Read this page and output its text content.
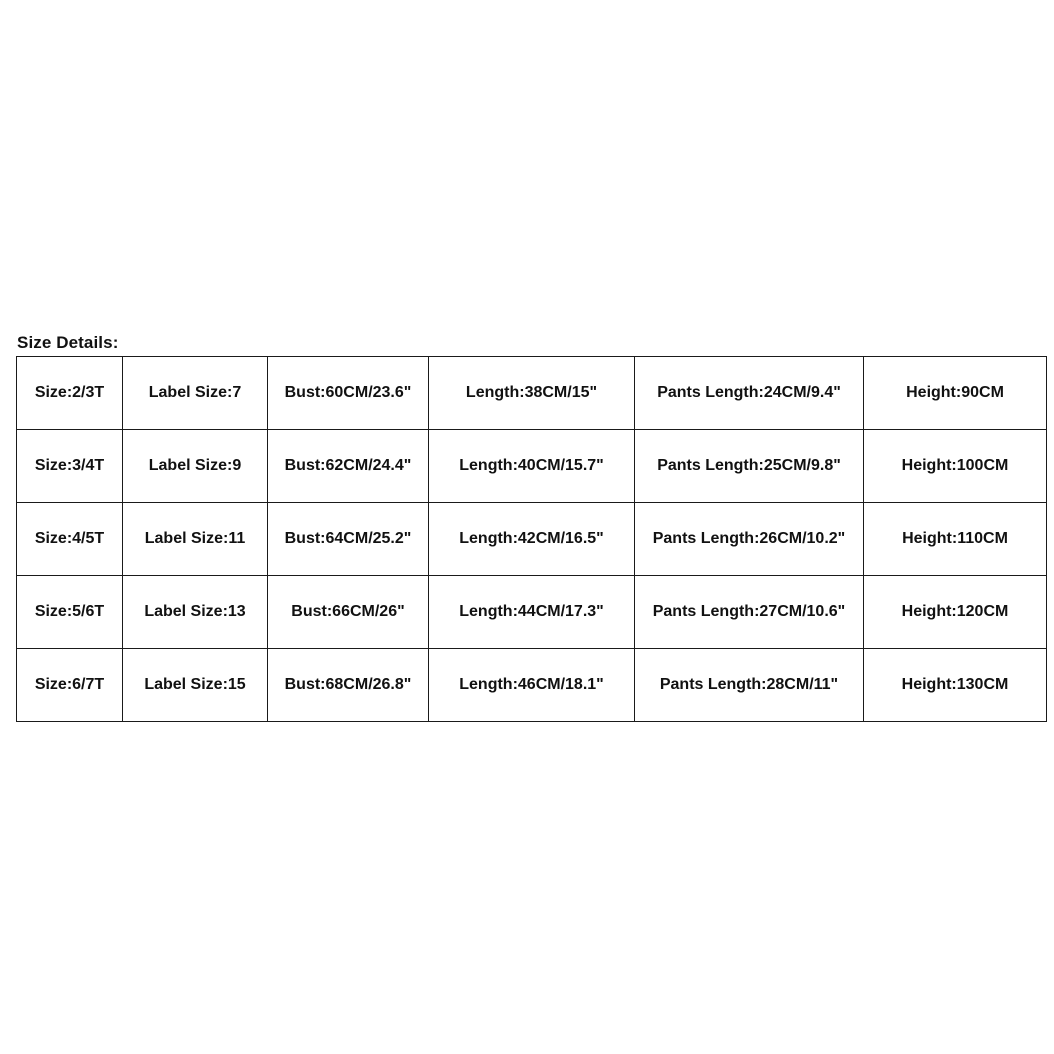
Size Details:
Size:2/3T	Label Size:7	Bust:60CM/23.6"	Length:38CM/15"	Pants Length:24CM/9.4"	Height:90CM
Size:3/4T	Label Size:9	Bust:62CM/24.4"	Length:40CM/15.7"	Pants Length:25CM/9.8"	Height:100CM
Size:4/5T	Label Size:11	Bust:64CM/25.2"	Length:42CM/16.5"	Pants Length:26CM/10.2"	Height:110CM
Size:5/6T	Label Size:13	Bust:66CM/26"	Length:44CM/17.3"	Pants Length:27CM/10.6"	Height:120CM
Size:6/7T	Label Size:15	Bust:68CM/26.8"	Length:46CM/18.1"	Pants Length:28CM/11"	Height:130CM
